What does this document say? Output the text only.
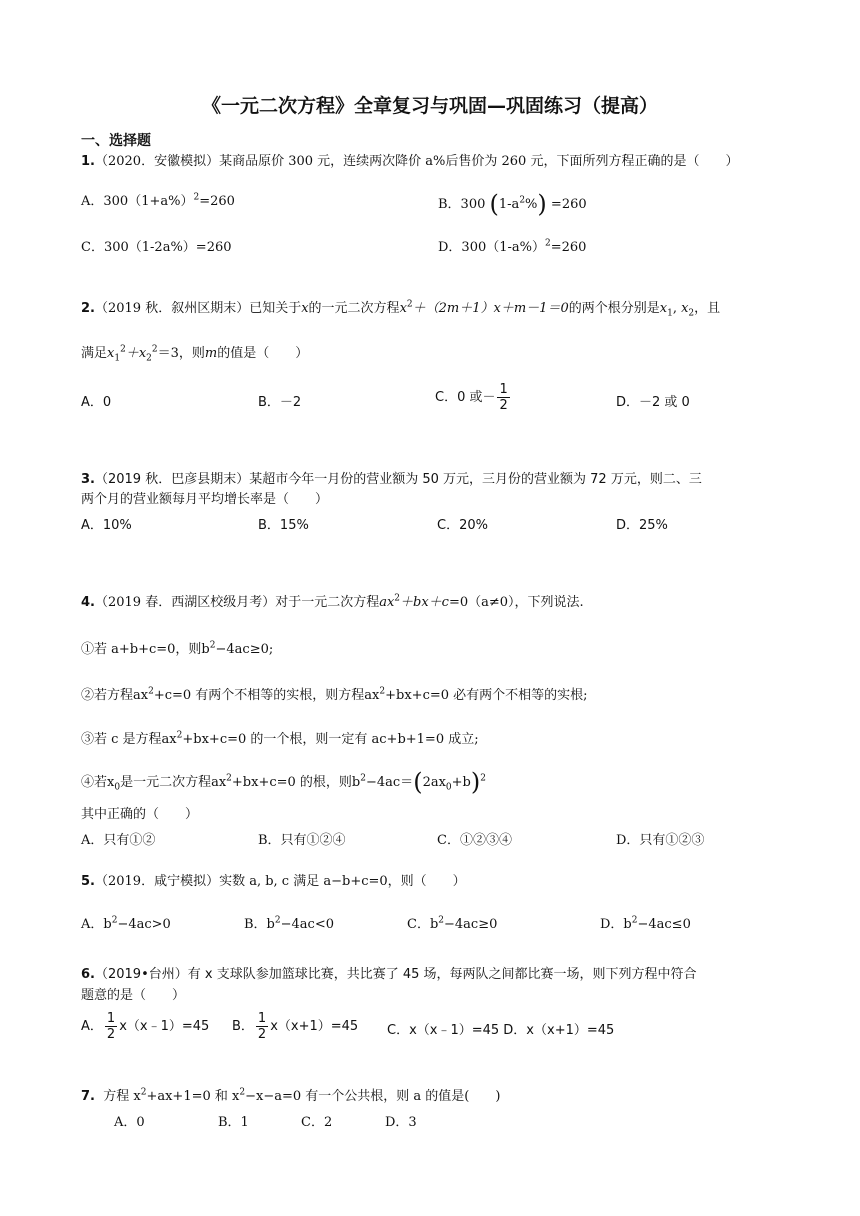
《一元二次方程》全章复习与巩固—巩固练习（提高）
一、选择题
1.（2020．安徽模拟）某商品原价 300 元，连续两次降价 a%后售价为 260 元，下面所列方程正确的是（　　）
A．$300(1+a\%)^2=260$	B．300 $(1-a^2\%) =260$
C．300（1-2a%）=260	D．$300(1-a\%)^2=260$
2.（2019 秋．叙州区期末）已知关于x的一元二次方程$x^2+(2m+1)x+m-1=0$的两个根分别是$x_1$, $x_2$，且
满足$x_1^2+x_2^2=3$，则m的值是（　　）
A．0	B．－2	C．0 或－ $\frac{1}{2}$	D．－2 或 0
3.（2019 秋．巴彦县期末）某超市今年一月份的营业额为 50 万元，三月份的营业额为 72 万元，则二、三
两个月的营业额每月平均增长率是（　　）
A．10%	B．15%	C．20%	D．25%
4.（2019 春．西湖区校级月考）对于一元二次方程$ax^2+bx+c=0(a\ne 0)$，下列说法.
①若 a+b+c=0，则$b^2-4ac\ge 0$;
②若方程$ax^2+c=0$ 有两个不相等的实根，则方程$ax^2+bx+c=0$ 必有两个不相等的实根;
③若 c 是方程$ax^2+bx+c=0$ 的一个根，则一定有 ac+b+1=0 成立;
④若$x_0$是一元二次方程$ax^2+bx+c=0$ 的根，则$b^2-4ac=(2ax_0+b)^2$
其中正确的（　　）
A．只有①②	B．只有①②④	C．①②③④	D．只有①②③
5.（2019．咸宁模拟）实数 a, b, c 满足 a−b+c=0，则（　　）
A．$b^2-4ac>0$	B．$b^2-4ac<0$	C．$b^2-4ac\ge 0$	D．$b^2-4ac\le 0$
6.（2019•台州）有 x 支球队参加篮球比赛，共比赛了 45 场，每两队之间都比赛一场，则下列方程中符合
题意的是（　　）
A． $\frac{1}{2}$ x（x﹣1）=45 B． $\frac{1}{2} x(x+1)=45$ C．x（x﹣1）=45 D．x（x+1）=45
7. 方程 $x^2+ax+1=0$ 和 $x^2-x-a=0$ 有一个公共根，则 a 的值是(　　)
A．0	B．1	C．2	D．3
